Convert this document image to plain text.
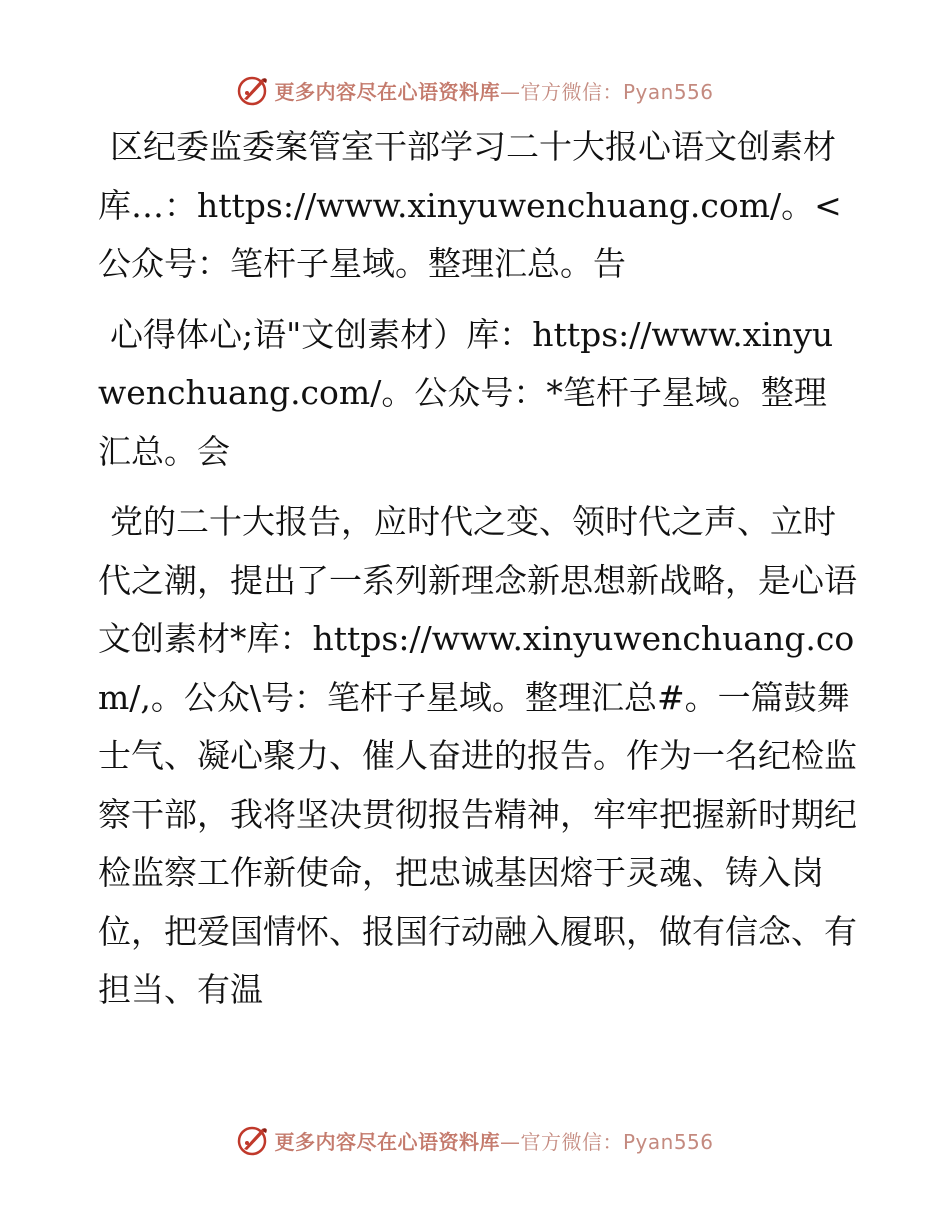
更多内容尽在心语资料库—官方微信：Pyan556

区纪委监委案管室干部学习二十大报心语文创素材库…：https://www.xinyuwenchuang.com/。<公众号：笔杆子星域。整理汇总。告

心得体心;语"文创素材）库：https://www.xinyuwenchuang.com/。公众号：*笔杆子星域。整理汇总。会

党的二十大报告，应时代之变、领时代之声、立时代之潮，提出了一系列新理念新思想新战略，是心语文创素材*库：https://www.xinyuwenchuang.com/,。公众\号：笔杆子星域。整理汇总#。一篇鼓舞士气、凝心聚力、催人奋进的报告。作为一名纪检监察干部，我将坚决贯彻报告精神，牢牢把握新时期纪检监察工作新使命，把忠诚基因熔于灵魂、铸入岗位，把爱国情怀、报国行动融入履职，做有信念、有担当、有温

更多内容尽在心语资料库—官方微信：Pyan556
